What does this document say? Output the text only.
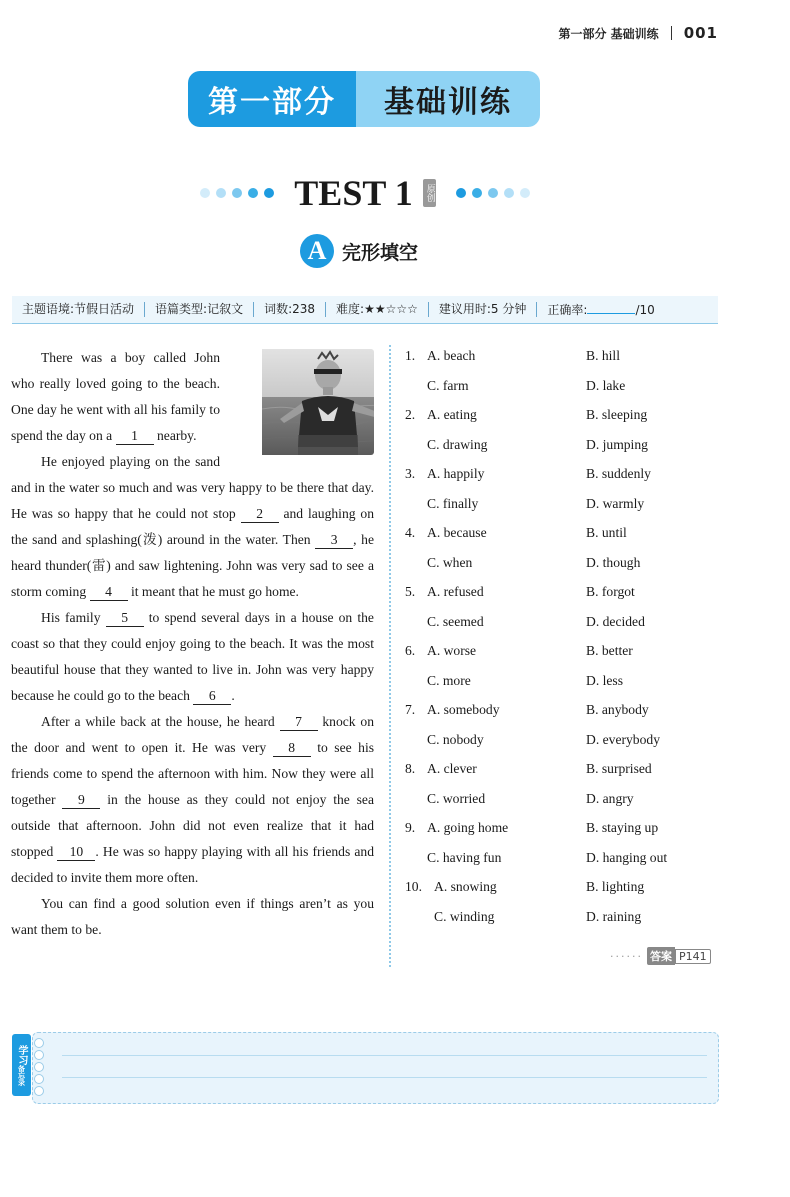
第一部分 基础训练 001
第一部分	基础训练
TEST 1 原创
A 完形填空
主题语境:节假日活动	语篇类型:记叙文	词数:238	难度:★★☆☆☆	建议用时:5 分钟	正确率:	/10

There was a boy called John who really loved going to the beach. One day he went with all his family to spend the day on a 1 nearby.

He enjoyed playing on the sand and in the water so much and was very happy to be there that day. He was so happy that he could not stop 2 and laughing on the sand and splashing(泼) around in the water. Then 3 , he heard thunder(雷) and saw lightening. John was very sad to see a storm coming 4 it meant that he must go home.

His family 5 to spend several days in a house on the coast so that they could enjoy going to the beach. It was the most beautiful house that they wanted to live in. John was very happy because he could go to the beach 6 .

After a while back at the house, he heard 7 knock on the door and went to open it. He was very 8 to see his friends come to spend the afternoon with him. Now they were all together 9 in the house as they could not enjoy the sea outside that afternoon. John did not even realize that it had stopped 10 . He was so happy playing with all his friends and decided to invite them more often.

You can find a good solution even if things aren’t as you want them to be.

1. A. beach	B. hill
C. farm	D. lake
2. A. eating	B. sleeping
C. drawing	D. jumping
3. A. happily	B. suddenly
C. finally	D. warmly
4. A. because	B. until
C. when	D. though
5. A. refused	B. forgot
C. seemed	D. decided
6. A. worse	B. better
C. more	D. less
7. A. somebody	B. anybody
C. nobody	D. everybody
8. A. clever	B. surprised
C. worried	D. angry
9. A. going home	B. staying up
C. having fun	D. hanging out
10. A. snowing	B. lighting
C. winding	D. raining
······ 答案 P141
学习
备忘录
